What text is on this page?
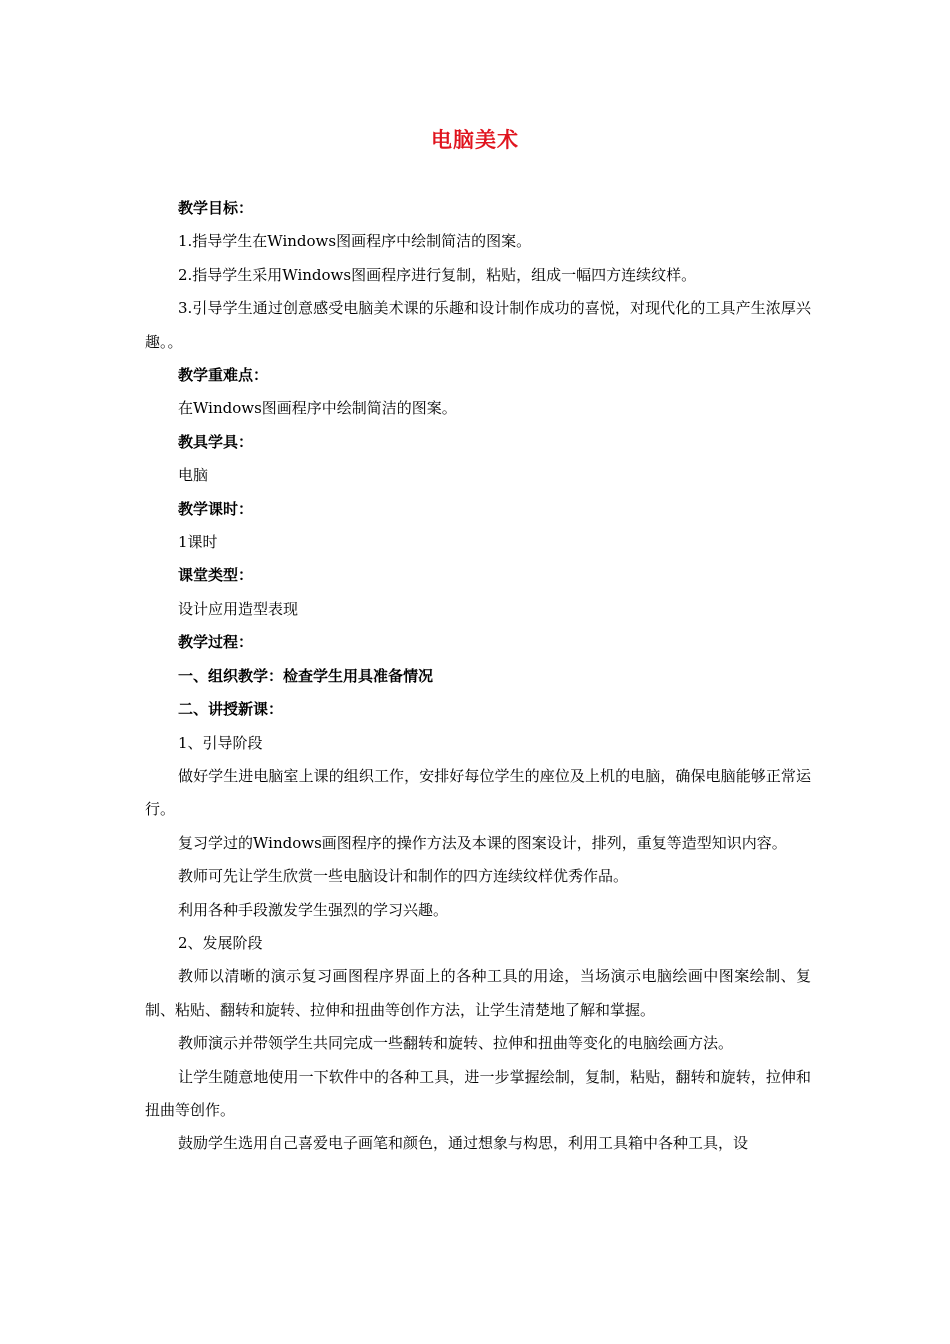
电脑美术

教学目标：

1.指导学生在Windows图画程序中绘制简洁的图案。

2.指导学生采用Windows图画程序进行复制，粘贴，组成一幅四方连续纹样。

3.引导学生通过创意感受电脑美术课的乐趣和设计制作成功的喜悦，对现代化的工具产生浓厚兴趣。。

教学重难点：

在Windows图画程序中绘制简洁的图案。

教具学具：

电脑

教学课时：

1课时

课堂类型：

设计应用造型表现

教学过程：

一、组织教学：检查学生用具准备情况

二、讲授新课：

1、引导阶段

做好学生进电脑室上课的组织工作，安排好每位学生的座位及上机的电脑，确保电脑能够正常运行。

复习学过的Windows画图程序的操作方法及本课的图案设计，排列，重复等造型知识内容。

教师可先让学生欣赏一些电脑设计和制作的四方连续纹样优秀作品。

利用各种手段激发学生强烈的学习兴趣。

2、发展阶段

教师以清晰的演示复习画图程序界面上的各种工具的用途，当场演示电脑绘画中图案绘制、复制、粘贴、翻转和旋转、拉伸和扭曲等创作方法，让学生清楚地了解和掌握。

教师演示并带领学生共同完成一些翻转和旋转、拉伸和扭曲等变化的电脑绘画方法。

让学生随意地使用一下软件中的各种工具，进一步掌握绘制，复制，粘贴，翻转和旋转，拉伸和扭曲等创作。

鼓励学生选用自己喜爱电子画笔和颜色，通过想象与构思，利用工具箱中各种工具，设
